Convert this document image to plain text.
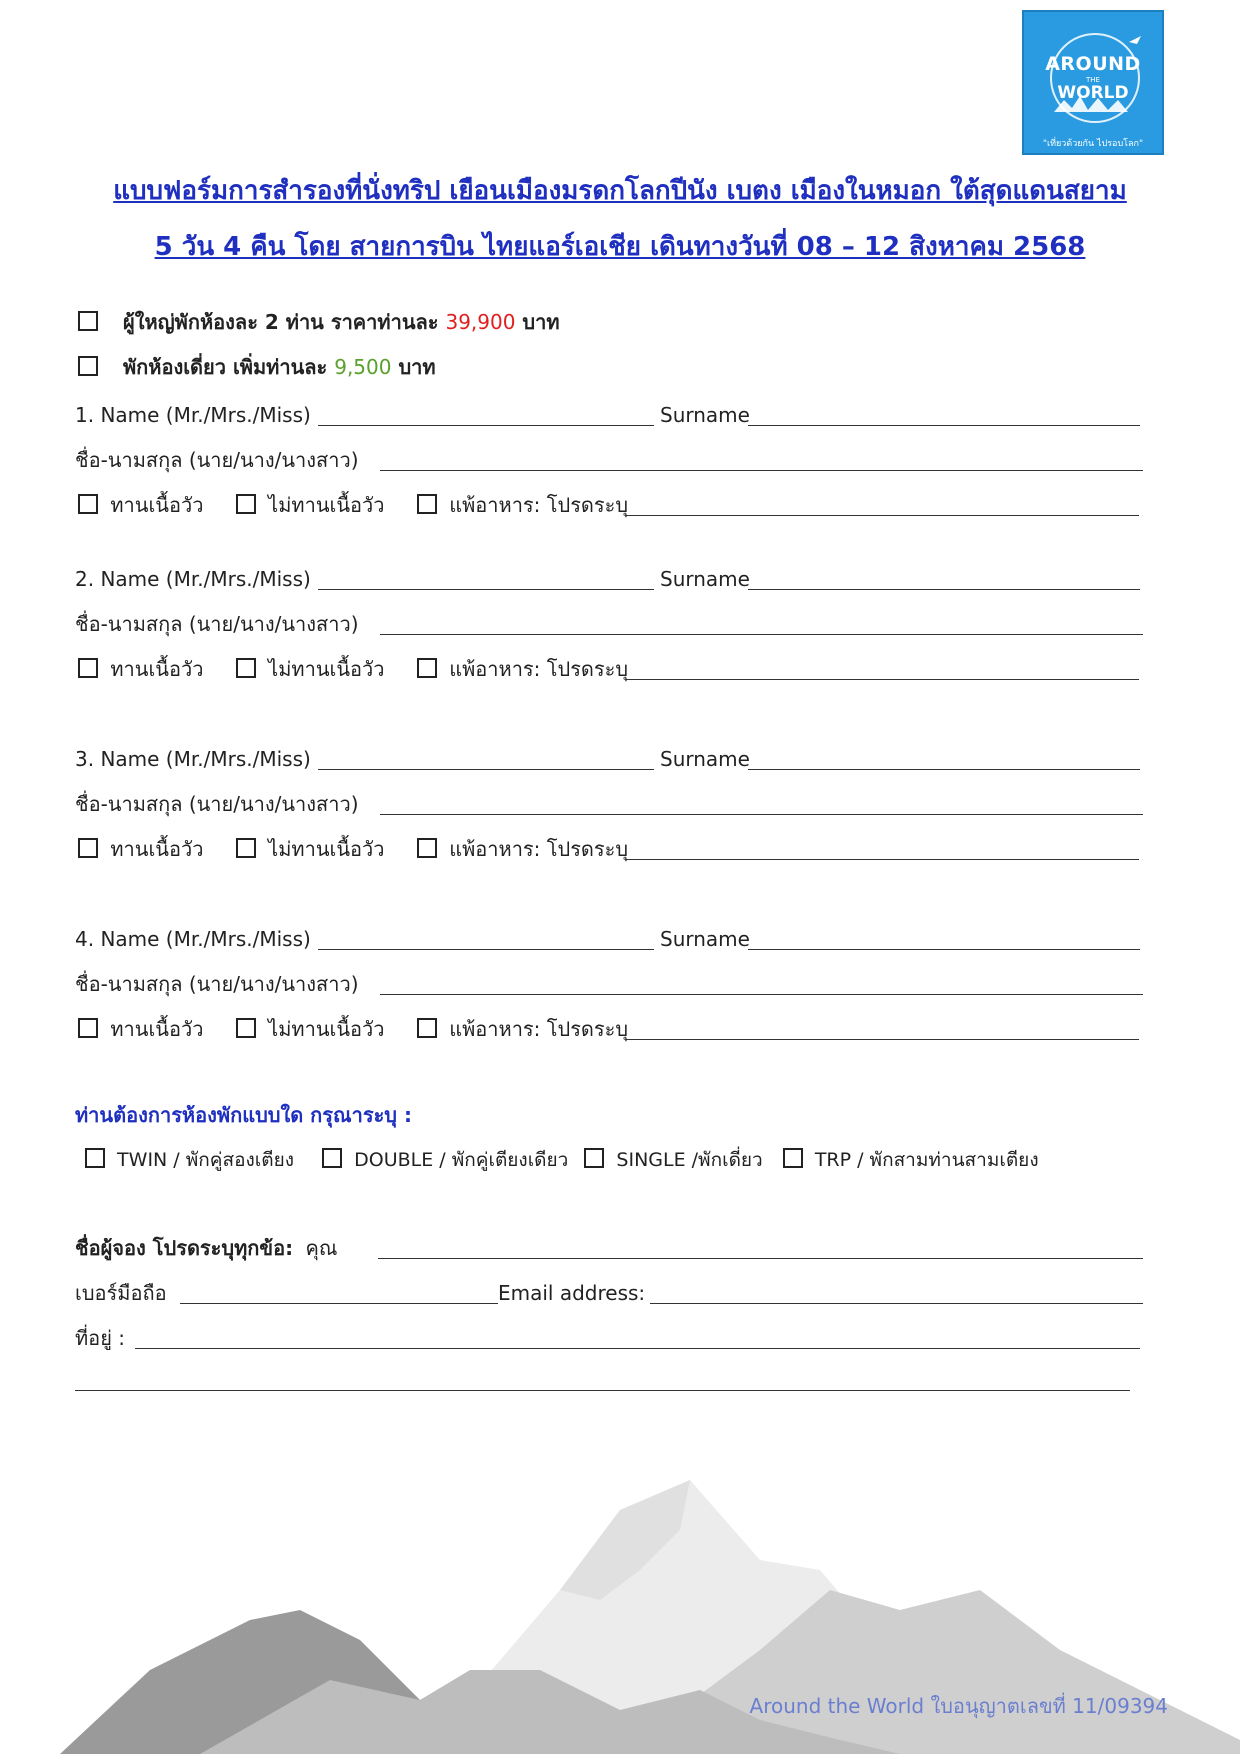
AROUND
THE
WORLD
"เที่ยวด้วยกัน ไปรอบโลก"
แบบฟอร์มการสำรองที่นั่งทริป เยือนเมืองมรดกโลกปีนัง เบตง เมืองในหมอก ใต้สุดแดนสยาม
5 วัน 4 คืน โดย สายการบิน ไทยแอร์เอเชีย เดินทางวันที่ 08 – 12 สิงหาคม 2568
ผู้ใหญ่พักห้องละ 2 ท่าน ราคาท่านละ 39,900 บาท
พักห้องเดี่ยว เพิ่มท่านละ 9,500 บาท
1. Name (Mr./Mrs./Miss)	Surname
ชื่อ-นามสกุล (นาย/นาง/นางสาว)
ทานเนื้อวัว	ไม่ทานเนื้อวัว	แพ้อาหาร: โปรดระบุ
2. Name (Mr./Mrs./Miss)	Surname
ชื่อ-นามสกุล (นาย/นาง/นางสาว)
ทานเนื้อวัว	ไม่ทานเนื้อวัว	แพ้อาหาร: โปรดระบุ
3. Name (Mr./Mrs./Miss)	Surname
ชื่อ-นามสกุล (นาย/นาง/นางสาว)
ทานเนื้อวัว	ไม่ทานเนื้อวัว	แพ้อาหาร: โปรดระบุ
4. Name (Mr./Mrs./Miss)	Surname
ชื่อ-นามสกุล (นาย/นาง/นางสาว)
ทานเนื้อวัว	ไม่ทานเนื้อวัว	แพ้อาหาร: โปรดระบุ
ท่านต้องการห้องพักแบบใด กรุณาระบุ :
TWIN / พักคู่สองเตียง	DOUBLE / พักคู่เตียงเดียว	SINGLE /พักเดี่ยว	TRP / พักสามท่านสามเตียง
ชื่อผู้จอง โปรดระบุทุกข้อ: คุณ
เบอร์มือถือ	Email address:
ที่อยู่ :
Around the World ใบอนุญาตเลขที่ 11/09394
